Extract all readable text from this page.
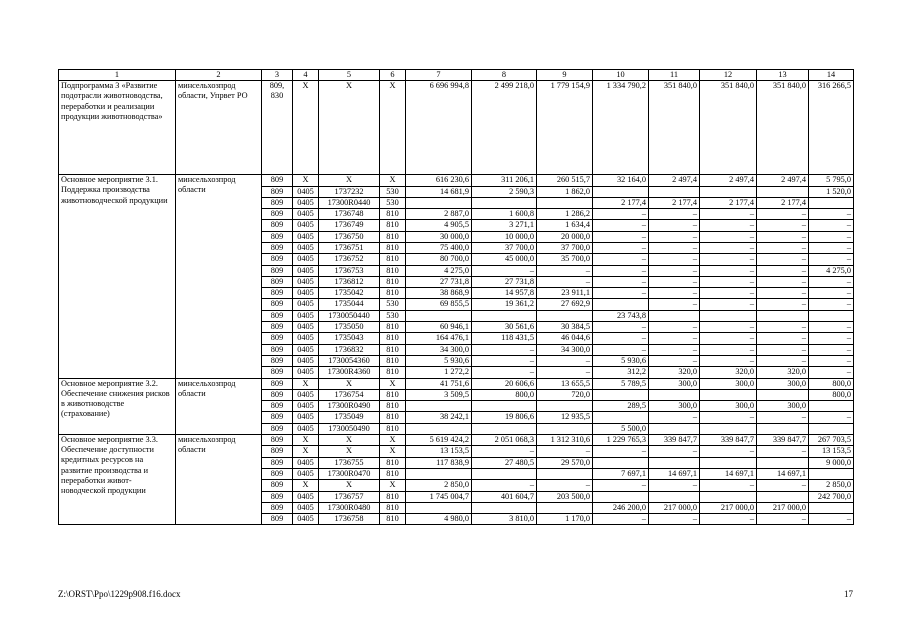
1	2	3	4	5	6	7	8	9	10	11	12	13	14
Подпрограмма 3 «Развитие подотрасли животноводства, переработки и реализации продукции животноводства»	минсельхозпрод области, Упрвет РО	809, 830	Х	Х	Х	6 696 994,8	2 499 218,0	1 779 154,9	1 334 790,2	351 840,0	351 840,0	351 840,0	316 266,5
Основное мероприятие 3.1. Поддержка производства животноводческой продукции	минсельхозпрод области	809	Х	Х	Х	616 230,6	311 206,1	260 515,7	32 164,0	2 497,4	2 497,4	2 497,4	5 795,0
		809	0405	1737232	530	14 681,9	2 590,3	1 862,0					1 520,0
		809	0405	17300R0440	530				2 177,4	2 177,4	2 177,4	2 177,4	
		809	0405	1736748	810	2 887,0	1 600,8	1 286,2	–	–	–	–	–
		809	0405	1736749	810	4 905,5	3 271,1	1 634,4	–	–	–	–	–
		809	0405	1736750	810	30 000,0	10 000,0	20 000,0	–	–	–	–	–
		809	0405	1736751	810	75 400,0	37 700,0	37 700,0	–	–	–	–	–
		809	0405	1736752	810	80 700,0	45 000,0	35 700,0	–	–	–	–	–
		809	0405	1736753	810	4 275,0	–	–	–	–	–	–	4 275,0
		809	0405	1736812	810	27 731,8	27 731,8	–	–	–	–	–	–
		809	0405	1735042	810	38 868,9	14 957,8	23 911,1	–	–	–	–	–
		809	0405	1735044	530	69 855,5	19 361,2	27 692,9		–	–	–	–
		809	0405	1730050440	530				23 743,8				
		809	0405	1735050	810	60 946,1	30 561,6	30 384,5	–	–	–	–	–
		809	0405	1735043	810	164 476,1	118 431,5	46 044,6	–	–	–	–	–
		809	0405	1736832	810	34 300,0	–	34 300,0	–	–	–	–	–
		809	0405	1730054360	810	5 930,6	–	–	5 930,6	–	–	–	–
		809	0405	17300R4360	810	1 272,2	–	–	312,2	320,0	320,0	320,0	–
Основное мероприятие 3.2. Обеспечение снижения рисков в животноводстве (страхование)	минсельхозпрод области	809	Х	Х	Х	41 751,6	20 606,6	13 655,5	5 789,5	300,0	300,0	300,0	800,0
		809	0405	1736754	810	3 509,5	800,0	720,0					800,0
		809	0405	17300R0490	810				289,5	300,0	300,0	300,0	
		809	0405	1735049	810	38 242,1	19 806,6	12 935,5		–	–	–	–
		809	0405	1730050490	810				5 500,0				
Основное мероприятие 3.3. Обеспечение доступности кредитных ресурсов на развитие производства и переработки живот-новодческой продукции	минсельхозпрод области	809	Х	Х	Х	5 619 424,2	2 051 068,3	1 312 310,6	1 229 765,3	339 847,7	339 847,7	339 847,7	267 703,5
		809	Х	Х	Х	13 153,5	–	–	–	–	–	–	13 153,5
		809	0405	1736755	810	117 838,9	27 480,5	29 570,0					9 000,0
		809	0405	17300R0470	810				7 697,1	14 697,1	14 697,1	14 697,1	
		809	Х	Х	Х	2 850,0	–	–	–	–	–	–	2 850,0
		809	0405	1736757	810	1 745 004,7	401 604,7	203 500,0					242 700,0
		809	0405	17300R0480	810				246 200,0	217 000,0	217 000,0	217 000,0	
		809	0405	1736758	810	4 980,0	3 810,0	1 170,0	–	–	–	–	–
Z:\ORST\Ppo\1229p908.f16.docx	17
